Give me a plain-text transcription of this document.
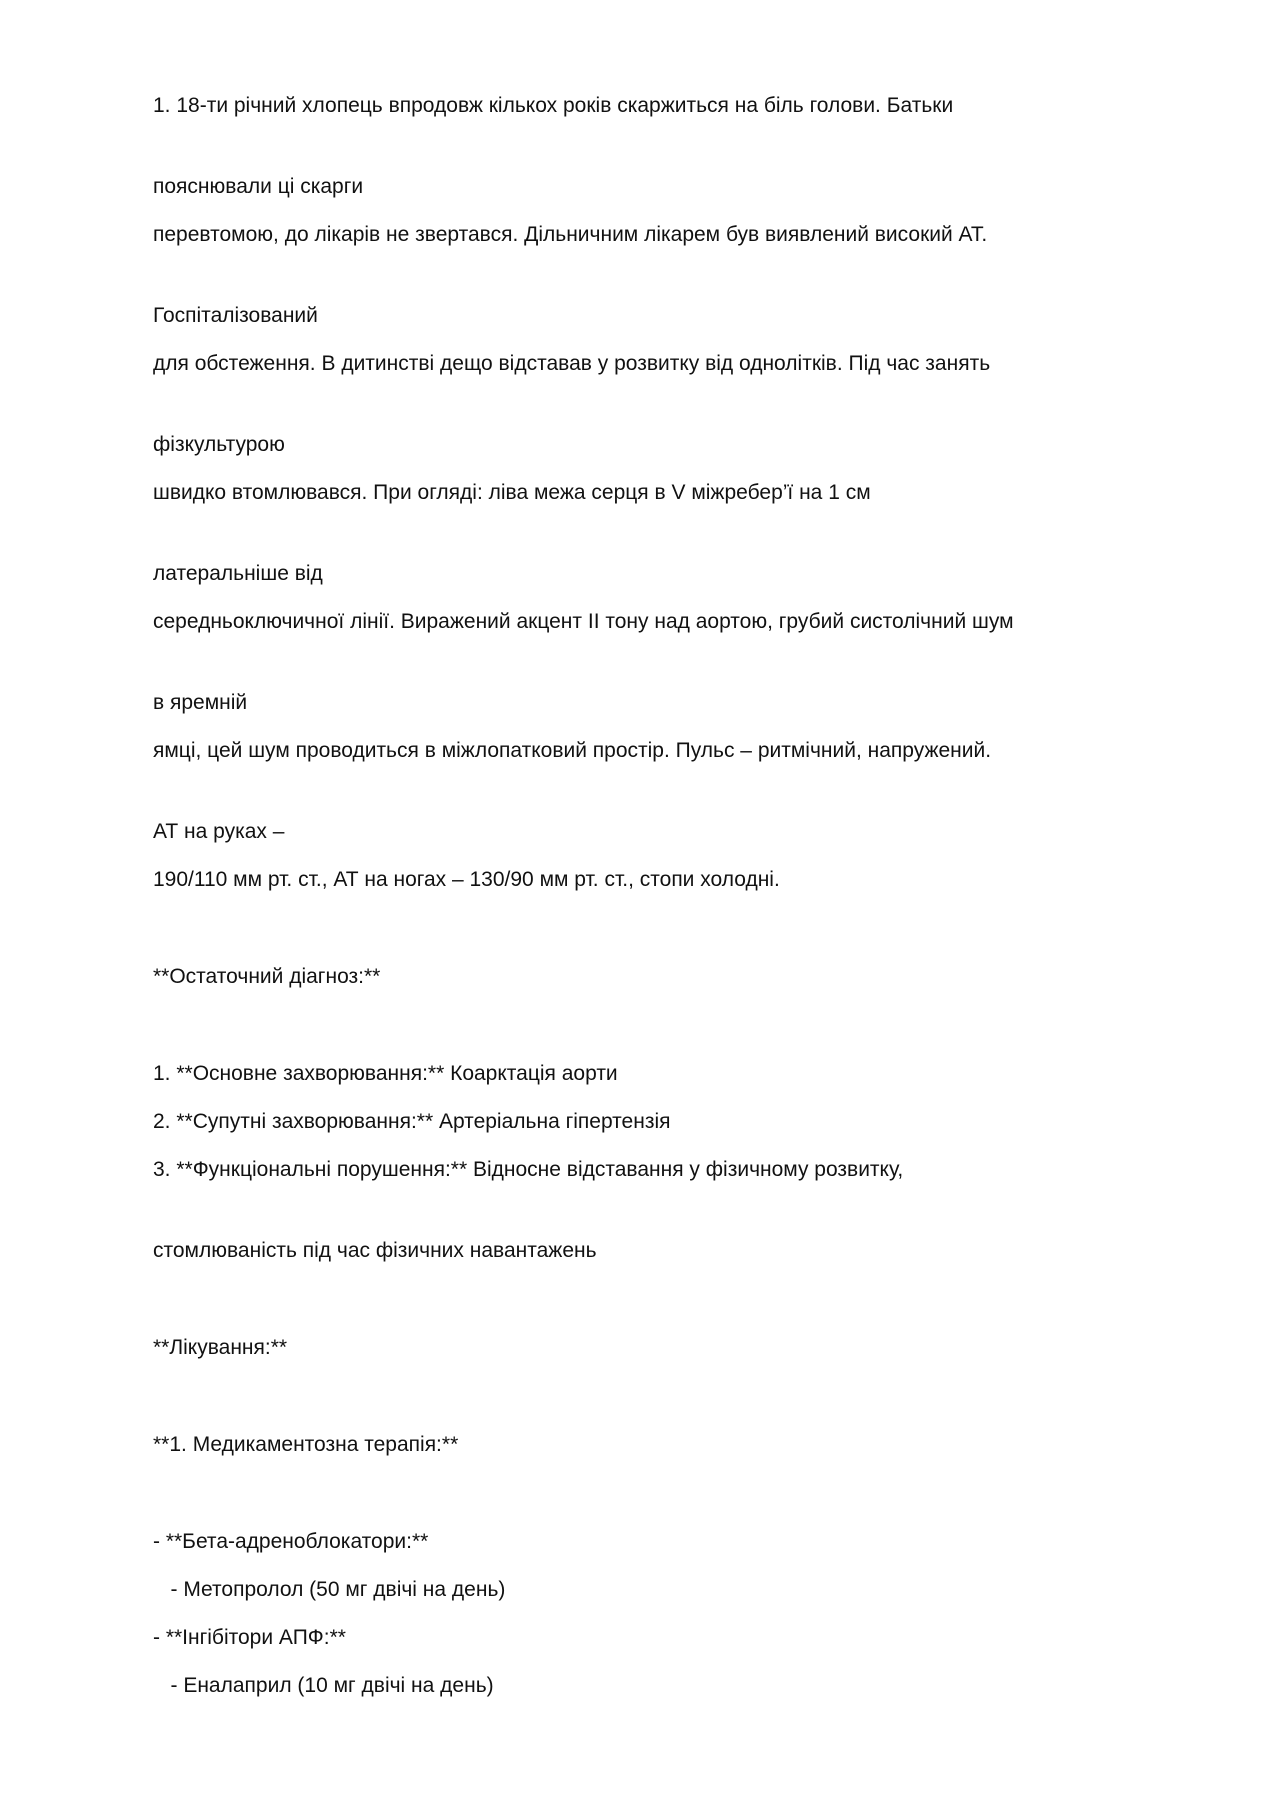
1. 18-ти річний хлопець впродовж кількох років скаржиться на біль голови. Батьки

пояснювали ці скарги

перевтомою, до лікарів не звертався. Дільничним лікарем був виявлений високий АТ.

Госпіталізований

для обстеження. В дитинстві дещо відставав у розвитку від однолітків. Під час занять

фізкультурою

швидко втомлювався. При огляді: ліва межа серця в V міжребер’ї на 1 см

латеральніше від

середньоключичної лінії. Виражений акцент II тону над аортою, грубий систолічний шум

в яремній

ямці, цей шум проводиться в міжлопатковий простір. Пульс – ритмічний, напружений.

АТ на руках –

190/110 мм рт. ст., АТ на ногах – 130/90 мм рт. ст., стопи холодні.

**Остаточний діагноз:**

1. **Основне захворювання:** Коарктація аорти

2. **Супутні захворювання:** Артеріальна гіпертензія

3. **Функціональні порушення:** Відносне відставання у фізичному розвитку,

стомлюваність під час фізичних навантажень

**Лікування:**

**1. Медикаментозна терапія:**

- **Бета-адреноблокатори:**

- Метопролол (50 мг двічі на день)

- **Інгібітори АПФ:**

- Еналаприл (10 мг двічі на день)
